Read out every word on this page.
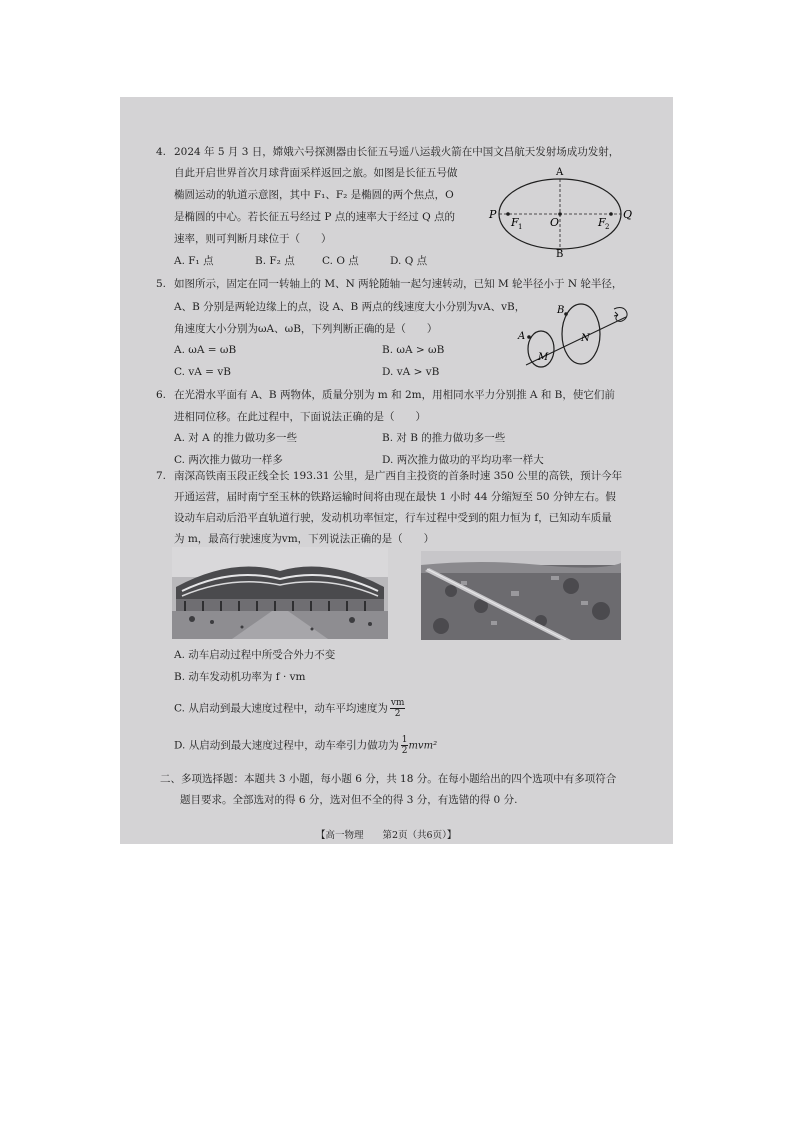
4. 2024 年 5 月 3 日，嫦娥六号探测器由长征五号遥八运载火箭在中国文昌航天发射场成功发射，
自此开启世界首次月球背面采样返回之旅。如图是长征五号做
椭圆运动的轨道示意图，其中 F₁、F₂ 是椭圆的两个焦点，O
是椭圆的中心。若长征五号经过 P 点的速率大于经过 Q 点的
速率，则可判断月球位于（　　）
A. F₁ 点	B. F₂ 点	C. O 点	D. Q 点
A
B
P	Q
O
F 1	F 2
5. 如图所示，固定在同一转轴上的 M、N 两轮随轴一起匀速转动，已知 M 轮半径小于 N 轮半径，
A、B 分别是两轮边缘上的点，设 A、B 两点的线速度大小分别为vA、vB，
角速度大小分别为ωA、ωB，下列判断正确的是（　　）
A. ωA = ωB	B. ωA > ωB
C. vA = vB	D. vA > vB
A
B
M
N
6. 在光滑水平面有 A、B 两物体，质量分别为 m 和 2m，用相同水平力分别推 A 和 B，使它们前
进相同位移。在此过程中，下面说法正确的是（　　）
A. 对 A 的推力做功多一些	B. 对 B 的推力做功多一些
C. 两次推力做功一样多	D. 两次推力做功的平均功率一样大
7. 南深高铁南玉段正线全长 193.31 公里，是广西自主投资的首条时速 350 公里的高铁，预计今年
开通运营，届时南宁至玉林的铁路运输时间将由现在最快 1 小时 44 分缩短至 50 分钟左右。假
设动车启动后沿平直轨道行驶，发动机功率恒定，行车过程中受到的阻力恒为 f，已知动车质量
为 m，最高行驶速度为vm，下列说法正确的是（　　）
A. 动车启动过程中所受合外力不变
B. 动车发动机功率为 f · vm
C. 从启动到最大速度过程中，动车平均速度为 $\frac{vm}{2}$
D. 从启动到最大速度过程中，动车牵引力做功为 $\frac{1}{2} mvm^2$
二、多项选择题：本题共 3 小题，每小题 6 分，共 18 分。在每小题给出的四个选项中有多项符合
题目要求。全部选对的得 6 分，选对但不全的得 3 分，有选错的得 0 分.
【高一物理　　第2页（共6页）】
